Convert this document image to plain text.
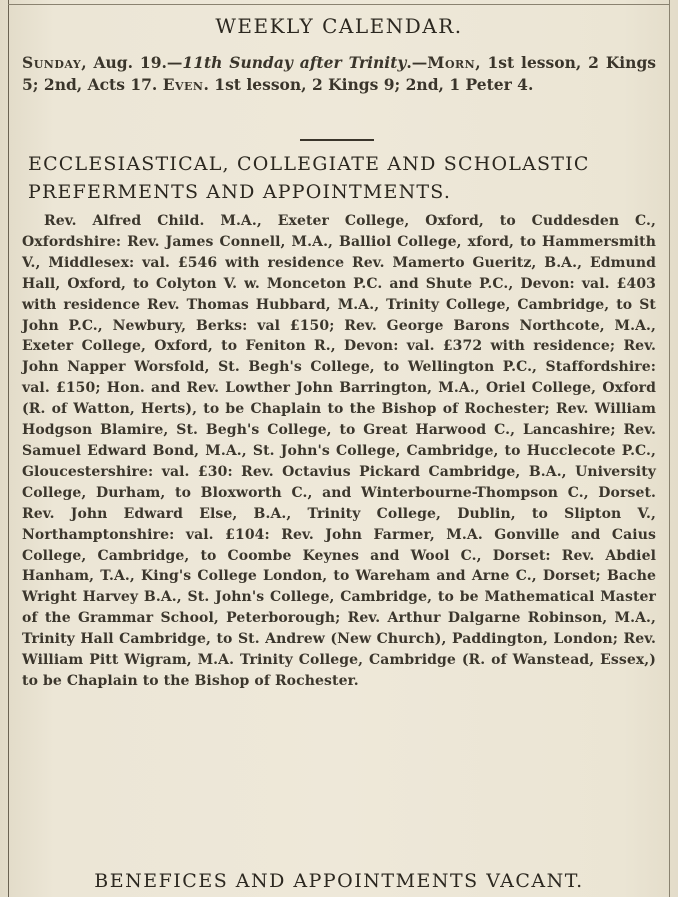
WEEKLY CALENDAR.
Sunday, Aug. 19.—11th Sunday after Trinity.—Morn, 1st lesson, 2 Kings 5; 2nd, Acts 17. Even. 1st lesson, 2 Kings 9; 2nd, 1 Peter 4.
ECCLESIASTICAL, COLLEGIATE AND SCHOLASTIC PREFERMENTS AND APPOINTMENTS.
Rev. Alfred Child. M.A., Exeter College, Oxford, to Cuddesden C., Oxfordshire: Rev. James Connell, M.A., Balliol College, xford, to Hammersmith V., Middlesex: val. £546 with residence Rev. Mamerto Gueritz, B.A., Edmund Hall, Oxford, to Colyton V. w. Monceton P.C. and Shute P.C., Devon: val. £403 with residence Rev. Thomas Hubbard, M.A., Trinity College, Cambridge, to St John P.C., Newbury, Berks: val £150; Rev. George Barons Northcote, M.A., Exeter College, Oxford, to Feniton R., Devon: val. £372 with residence; Rev. John Napper Worsfold, St. Begh's College, to Wellington P.C., Staffordshire: val. £150; Hon. and Rev. Lowther John Barrington, M.A., Oriel College, Oxford (R. of Watton, Herts), to be Chaplain to the Bishop of Rochester; Rev. William Hodgson Blamire, St. Begh's College, to Great Harwood C., Lancashire; Rev. Samuel Edward Bond, M.A., St. John's College, Cambridge, to Hucclecote P.C., Gloucestershire: val. £30: Rev. Octavius Pickard Cambridge, B.A., University College, Durham, to Bloxworth C., and Winterbourne-Thompson C., Dorset. Rev. John Edward Else, B.A., Trinity College, Dublin, to Slipton V., Northamptonshire: val. £104: Rev. John Farmer, M.A. Gonville and Caius College, Cambridge, to Coombe Keynes and Wool C., Dorset: Rev. Abdiel Hanham, T.A., King's College London, to Wareham and Arne C., Dorset; Bache Wright Harvey B.A., St. John's College, Cambridge, to be Mathematical Master of the Grammar School, Peterborough; Rev. Arthur Dalgarne Robinson, M.A., Trinity Hall Cambridge, to St. Andrew (New Church), Paddington, London; Rev. William Pitt Wigram, M.A. Trinity College, Cambridge (R. of Wanstead, Essex,) to be Chaplain to the Bishop of Rochester.
BENEFICES AND APPOINTMENTS VACANT.
